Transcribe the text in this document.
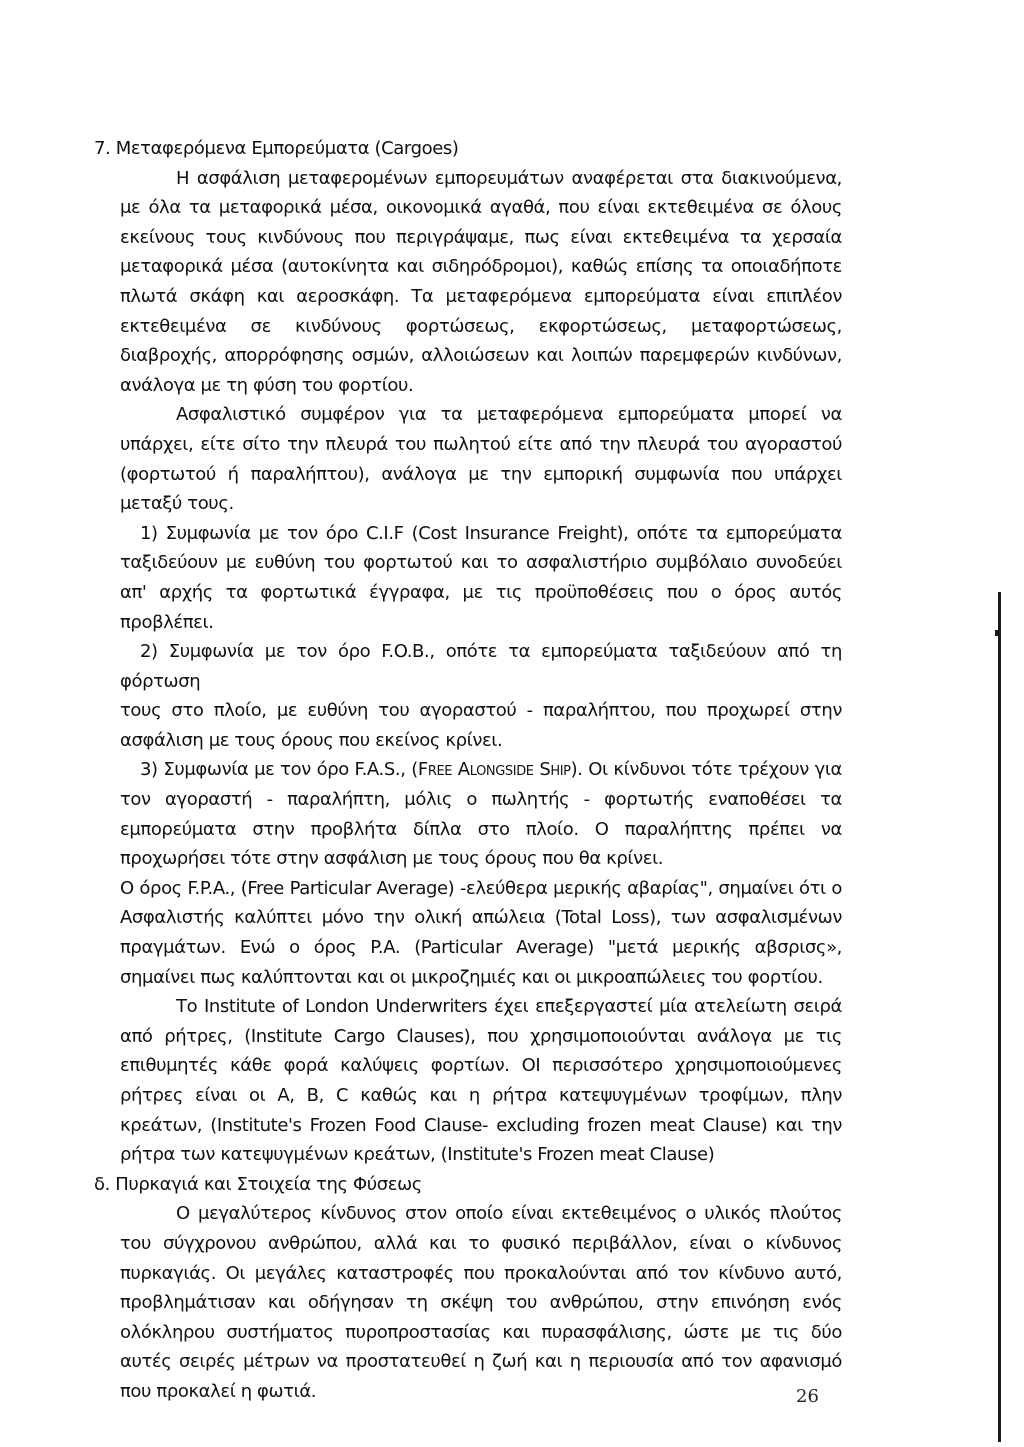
7. Μεταφερόμενα Εμπορεύματα (Cargoes)

Η ασφάλιση μεταφερομένων εμπορευμάτων αναφέρεται στα διακινούμενα, με όλα τα μεταφορικά μέσα, οικονομικά αγαθά, που είναι εκτεθειμένα σε όλους εκείνους τους κινδύνους που περιγράψαμε, πως είναι εκτεθειμένα τα χερσαία μεταφορικά μέσα (αυτοκίνητα και σιδηρόδρομοι), καθώς επίσης τα οποιαδήποτε πλωτά σκάφη και αεροσκάφη. Τα μεταφερόμενα εμπορεύματα είναι επιπλέον εκτεθειμένα σε κινδύνους φορτώσεως, εκφορτώσεως, μεταφορτώσεως, διαβροχής, απορρόφησης οσμών, αλλοιώσεων και λοιπών παρεμφερών κινδύνων, ανάλογα με τη φύση του φορτίου.

Ασφαλιστικό συμφέρον για τα μεταφερόμενα εμπορεύματα μπορεί να υπάρχει, είτε σίτο την πλευρά του πωλητού είτε από την πλευρά του αγοραστού (φορτωτού ή παραλήπτου), ανάλογα με την εμπορική συμφωνία που υπάρχει μεταξύ τους.

1) Συμφωνία με τον όρο C.I.F (Cost Insurance Freight), οπότε τα εμπορεύματα ταξιδεύουν με ευθύνη του φορτωτού και το ασφαλιστήριο συμβόλαιο συνοδεύει απ' αρχής τα φορτωτικά έγγραφα, με τις προϋποθέσεις που ο όρος αυτός προβλέπει.

2) Συμφωνία με τον όρο F.O.B., οπότε τα εμπορεύματα ταξιδεύουν από τη φόρτωση

τους στο πλοίο, με ευθύνη του αγοραστού - παραλήπτου, που προχωρεί στην ασφάλιση με τους όρους που εκείνος κρίνει.

3) Συμφωνία με τον όρο F.A.S., (Free Alongside Ship). Οι κίνδυνοι τότε τρέχουν για τον αγοραστή - παραλήπτη, μόλις ο πωλητής - φορτωτής εναποθέσει τα εμπορεύματα στην προβλήτα δίπλα στο πλοίο. Ο παραλήπτης πρέπει να προχωρήσει τότε στην ασφάλιση με τους όρους που θα κρίνει.

Ο όρος F.P.A., (Free Particular Average) -ελεύθερα μερικής αβαρίας", σημαίνει ότι ο Ασφαλιστής καλύπτει μόνο την ολική απώλεια (Total Loss), των ασφαλισμένων πραγμάτων. Ενώ ο όρος P.A. (Particular Average) "μετά μερικής αβσρισς», σημαίνει πως καλύπτονται και οι μικροζημιές και οι μικροαπώλειες του φορτίου.

Το Institute of London Underwriters έχει επεξεργαστεί μία ατελείωτη σειρά από ρήτρες, (Institute Cargo Clauses), που χρησιμοποιούνται ανάλογα με τις επιθυμητές κάθε φορά καλύψεις φορτίων. ΟΙ περισσότερο χρησιμοποιούμενες ρήτρες είναι οι A, B, C καθώς και η ρήτρα κατεψυγμένων τροφίμων, πλην κρεάτων, (Institute's Frozen Food Clause- excluding frozen meat Clause) και την ρήτρα των κατεψυγμένων κρεάτων, (Institute's Frozen meat Clause)

δ. Πυρκαγιά και Στοιχεία της Φύσεως

Ο μεγαλύτερος κίνδυνος στον οποίο είναι εκτεθειμένος ο υλικός πλούτος του σύγχρονου ανθρώπου, αλλά και το φυσικό περιβάλλον, είναι ο κίνδυνος πυρκαγιάς. Οι μεγάλες καταστροφές που προκαλούνται από τον κίνδυνο αυτό, προβλημάτισαν και οδήγησαν τη σκέψη του ανθρώπου, στην επινόηση ενός ολόκληρου συστήματος πυροπροστασίας και πυρασφάλισης, ώστε με τις δύο αυτές σειρές μέτρων να προστατευθεί η ζωή και η περιουσία από τον αφανισμό που προκαλεί η φωτιά.	26
